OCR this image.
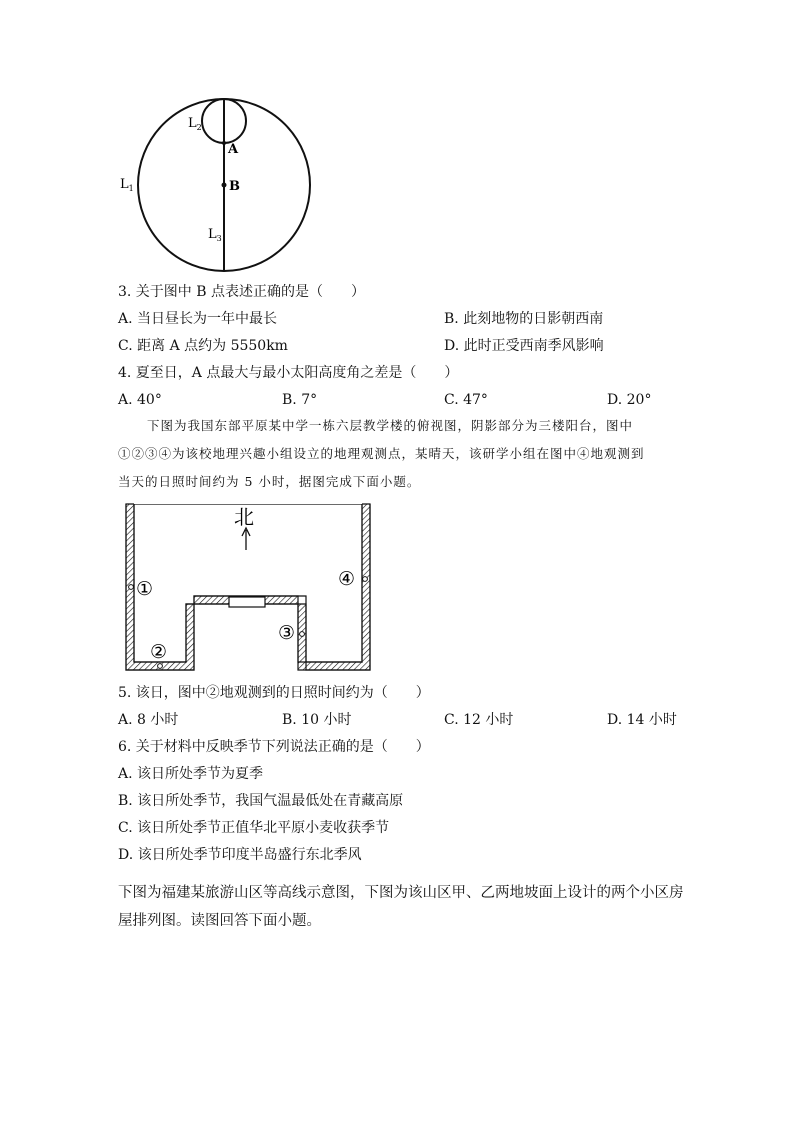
A
B
$L_1$
$L_2$
$L_3$
3. 关于图中 B 点表述正确的是（　　）
A. 当日昼长为一年中最长	B. 此刻地物的日影朝西南
C. 距离 A 点约为 5550km	D. 此时正受西南季风影响
4. 夏至日，A 点最大与最小太阳高度角之差是（　　）
A. 40°	B. 7°	C. 47°	D. 20°
下图为我国东部平原某中学一栋六层教学楼的俯视图，阴影部分为三楼阳台，图中
①②③④为该校地理兴趣小组设立的地理观测点，某晴天，该研学小组在图中④地观测到
当天的日照时间约为 5 小时，据图完成下面小题。
北
①
②
③
④
5. 该日，图中②地观测到的日照时间约为（　　）
A. 8 小时	B. 10 小时	C. 12 小时	D. 14 小时
6. 关于材料中反映季节下列说法正确的是（　　）
A. 该日所处季节为夏季
B. 该日所处季节，我国气温最低处在青藏高原
C. 该日所处季节正值华北平原小麦收获季节
D. 该日所处季节印度半岛盛行东北季风
下图为福建某旅游山区等高线示意图，下图为该山区甲、乙两地坡面上设计的两个小区房
屋排列图。读图回答下面小题。
